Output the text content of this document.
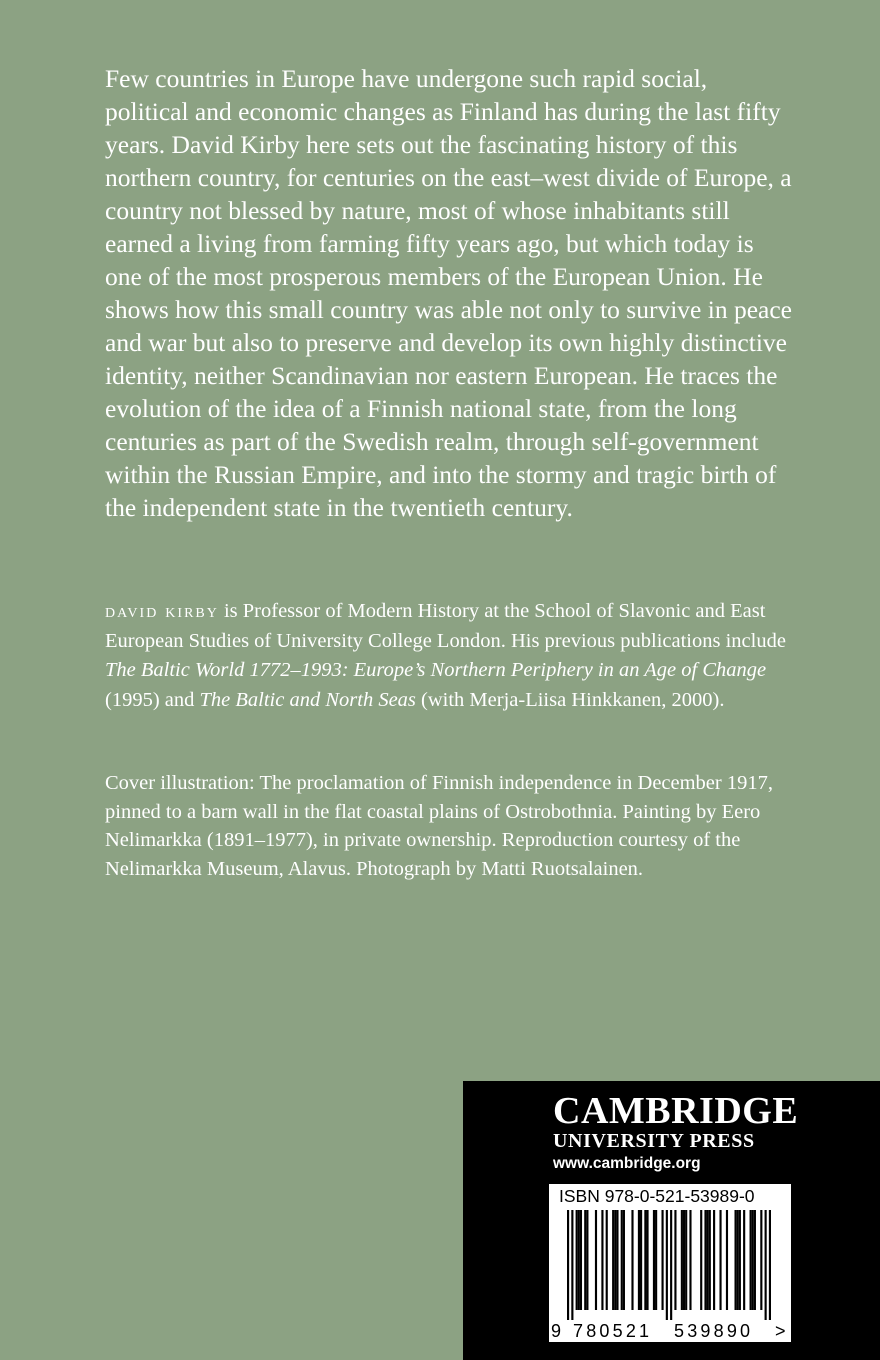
Few countries in Europe have undergone such rapid social, political and economic changes as Finland has during the last fifty years. David Kirby here sets out the fascinating history of this northern country, for centuries on the east–west divide of Europe, a country not blessed by nature, most of whose inhabitants still earned a living from farming fifty years ago, but which today is one of the most prosperous members of the European Union. He shows how this small country was able not only to survive in peace and war but also to preserve and develop its own highly distinctive identity, neither Scandinavian nor eastern European. He traces the evolution of the idea of a Finnish national state, from the long centuries as part of the Swedish realm, through self-government within the Russian Empire, and into the stormy and tragic birth of the independent state in the twentieth century.

david kirby is Professor of Modern History at the School of Slavonic and East European Studies of University College London. His previous publications include The Baltic World 1772–1993: Europe’s Northern Periphery in an Age of Change (1995) and The Baltic and North Seas (with Merja-Liisa Hinkkanen, 2000).

Cover illustration: The proclamation of Finnish independence in December 1917, pinned to a barn wall in the flat coastal plains of Ostrobothnia. Painting by Eero Nelimarkka (1891–1977), in private ownership. Reproduction courtesy of the Nelimarkka Museum, Alavus. Photograph by Matti Ruotsalainen.

CAMBRIDGE
UNIVERSITY PRESS
www.cambridge.org
ISBN 978-0-521-53989-0
9 780521 539890 >
